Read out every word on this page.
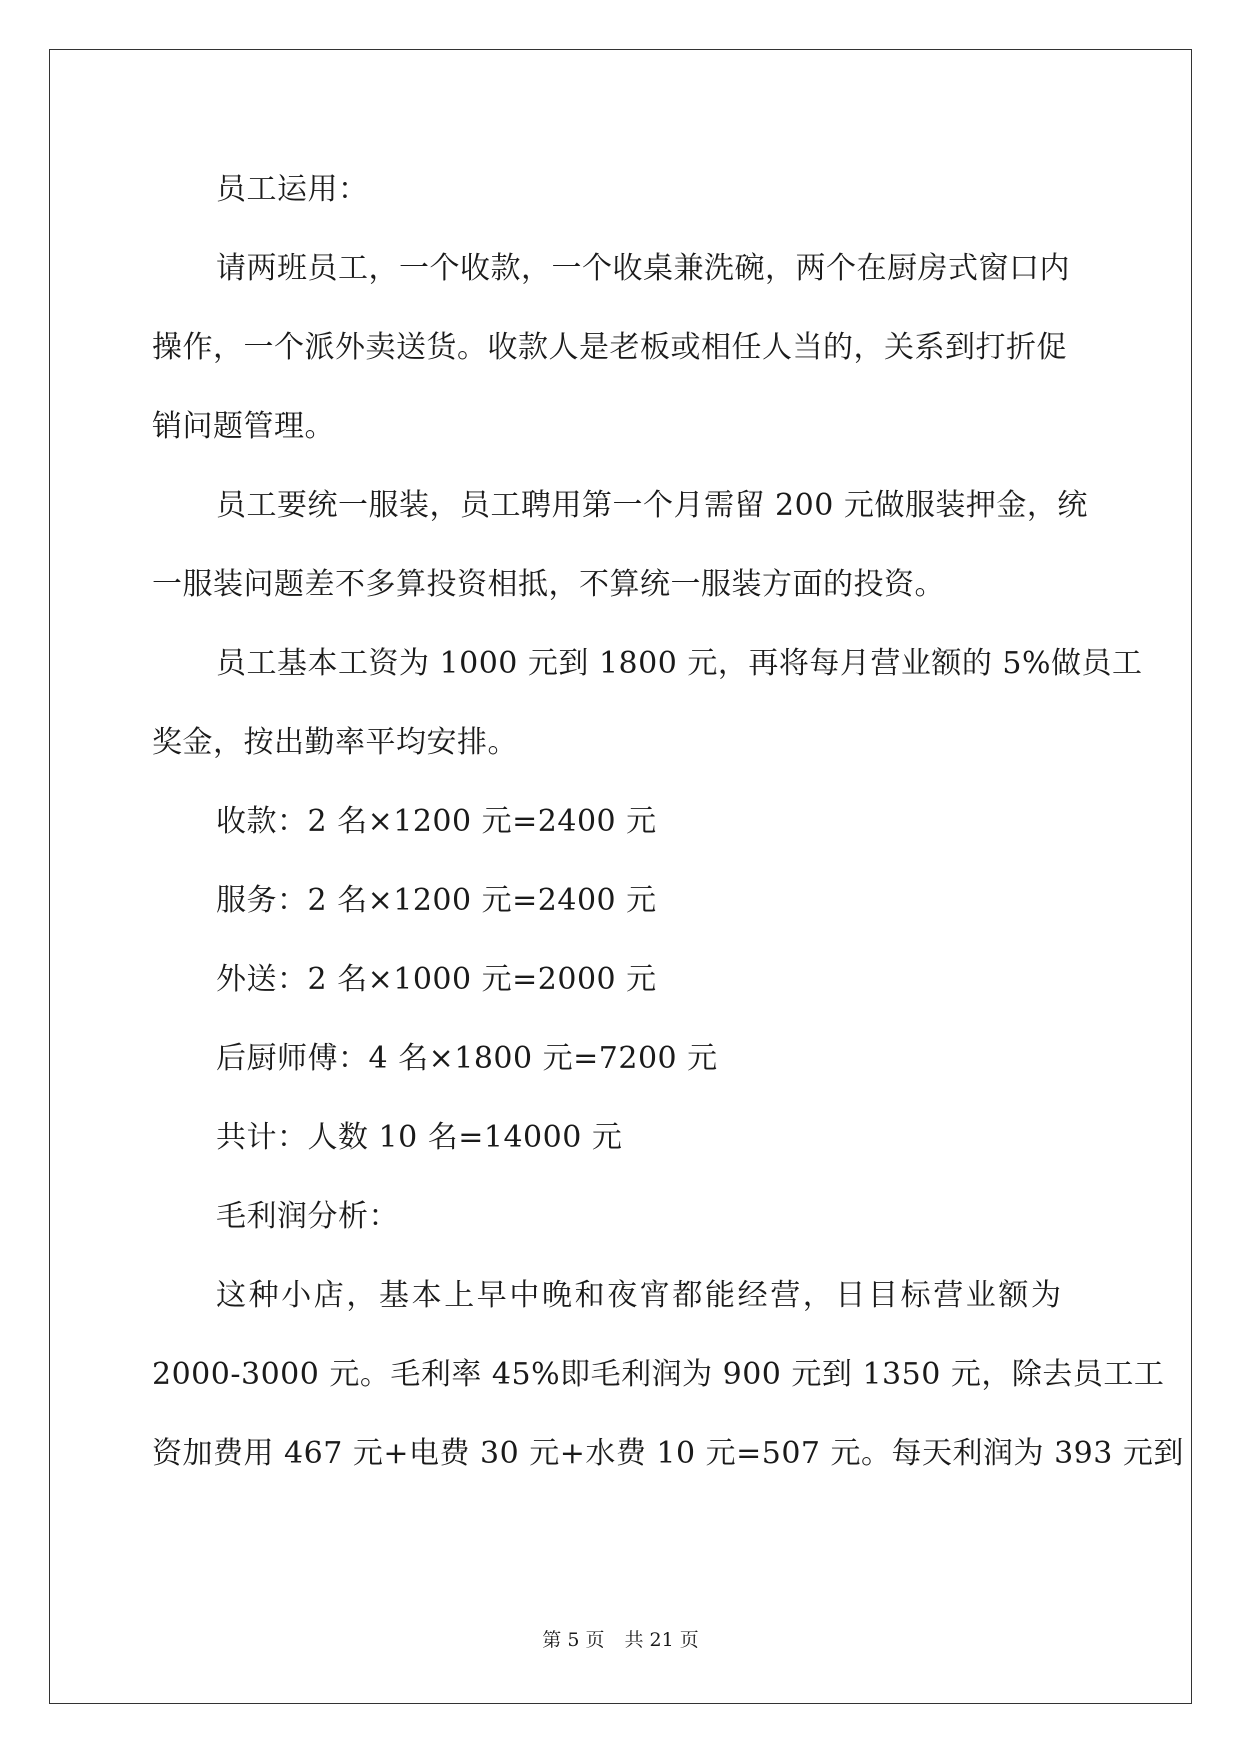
员工运用：
请两班员工，一个收款，一个收桌兼洗碗，两个在厨房式窗口内
操作，一个派外卖送货。收款人是老板或相任人当的，关系到打折促
销问题管理。
员工要统一服装，员工聘用第一个月需留 200 元做服装押金，统
一服装问题差不多算投资相抵，不算统一服装方面的投资。
员工基本工资为 1000 元到 1800 元，再将每月营业额的 5%做员工
奖金，按出勤率平均安排。
收款：2 名×1200 元=2400 元
服务：2 名×1200 元=2400 元
外送：2 名×1000 元=2000 元
后厨师傅：4 名×1800 元=7200 元
共计：人数 10 名=14000 元
毛利润分析：
这种小店，基本上早中晚和夜宵都能经营，日目标营业额为
2000-3000 元。毛利率 45%即毛利润为 900 元到 1350 元，除去员工工
资加费用 467 元+电费 30 元+水费 10 元=507 元。每天利润为 393 元到
第 5 页 共 21 页
